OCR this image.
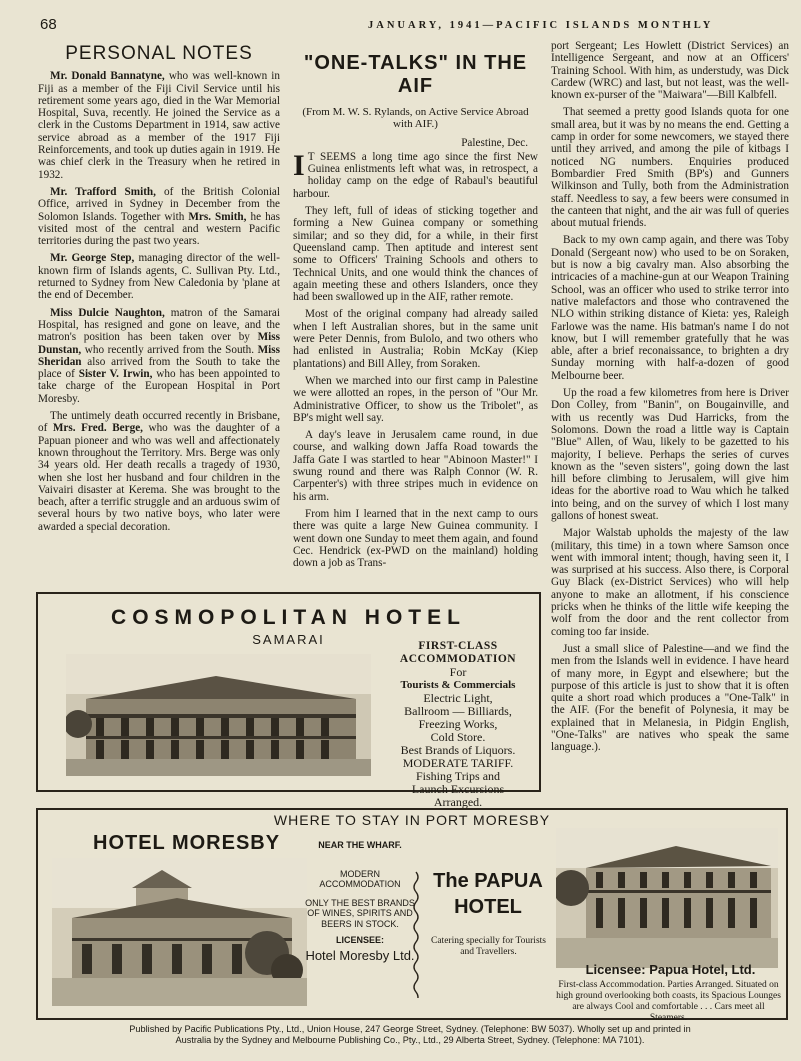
68	JANUARY, 1941—PACIFIC ISLANDS MONTHLY
PERSONAL NOTES

Mr. Donald Bannatyne, who was well-known in Fiji as a member of the Fiji Civil Service until his retirement some years ago, died in the War Memorial Hospital, Suva, recently. He joined the Service as a clerk in the Customs Department in 1914, saw active service abroad as a member of the 1917 Fiji Reinforcements, and took up duties again in 1919. He was chief clerk in the Treasury when he retired in 1932.

Mr. Trafford Smith, of the British Colonial Office, arrived in Sydney in December from the Solomon Islands. Together with Mrs. Smith, he has visited most of the central and western Pacific territories during the past two years.

Mr. George Step, managing director of the well-known firm of Islands agents, C. Sullivan Pty. Ltd., returned to Sydney from New Caledonia by 'plane at the end of December.

Miss Dulcie Naughton, matron of the Samarai Hospital, has resigned and gone on leave, and the matron's position has been taken over by Miss Dunstan, who recently arrived from the South. Miss Sheridan also arrived from the South to take the place of Sister V. Irwin, who has been appointed to take charge of the European Hospital in Port Moresby.

The untimely death occurred recently in Brisbane, of Mrs. Fred. Berge, who was the daughter of a Papuan pioneer and who was well and affectionately known throughout the Territory. Mrs. Berge was only 34 years old. Her death recalls a tragedy of 1930, when she lost her husband and four children in the Vaivairi disaster at Kerema. She was brought to the beach, after a terrific struggle and an arduous swim of several hours by two native boys, who later were awarded a special decoration.

"ONE-TALKS" IN THE AIF
(From M. W. S. Rylands, on Active Service Abroad with AIF.)
Palestine, Dec.

I T SEEMS a long time ago since the first New Guinea enlistments left what was, in retrospect, a holiday camp on the edge of Rabaul's beautiful harbour.

They left, full of ideas of sticking together and forming a New Guinea company or something similar; and so they did, for a while, in their first Queensland camp. Then aptitude and interest sent some to Officers' Training Schools and others to Technical Units, and one would think the chances of again meeting these and others Islanders, once they had been swallowed up in the AIF, rather remote.

Most of the original company had already sailed when I left Australian shores, but in the same unit were Peter Dennis, from Bulolo, and two others who had enlisted in Australia; Robin McKay (Kiep plantations) and Bill Alley, from Soraken.

When we marched into our first camp in Palestine we were allotted an ropes, in the person of "Our Mr. Administrative Officer, to show us the Tribolet", as BP's might well say.

A day's leave in Jerusalem came round, in due course, and walking down Jaffa Road towards the Jaffa Gate I was startled to hear "Abinoon Master!" I swung round and there was Ralph Connor (W. R. Carpenter's) with three stripes much in evidence on his arm.

From him I learned that in the next camp to ours there was quite a large New Guinea community. I went down one Sunday to meet them again, and found Cec. Hendrick (ex-PWD on the mainland) holding down a job as Trans-

port Sergeant; Les Howlett (District Services) an Intelligence Sergeant, and now at an Officers' Training School. With him, as understudy, was Dick Cardew (WRC) and last, but not least, was the well-known ex-purser of the "Maiwara"—Bill Kalbfell.

That seemed a pretty good Islands quota for one small area, but it was by no means the end. Getting a camp in order for some newcomers, we stayed there until they arrived, and among the pile of kitbags I noticed NG numbers. Enquiries produced Bombardier Fred Smith (BP's) and Gunners Wilkinson and Tully, both from the Administration staff. Needless to say, a few beers were consumed in the canteen that night, and the air was full of queries about mutual friends.

Back to my own camp again, and there was Toby Donald (Sergeant now) who used to be on Soraken, but is now a big cavalry man. Also absorbing the intricacies of a machine-gun at our Weapon Training School, was an officer who used to strike terror into native malefactors and those who contravened the NLO within striking distance of Kieta: yes, Raleigh Farlowe was the name. His batman's name I do not know, but I will remember gratefully that he was able, after a brief reconaissance, to brighten a dry Sunday morning with half-a-dozen of good Melbourne beer.

Up the road a few kilometres from here is Driver Don Colley, from "Banin", on Bougainville, and with us recently was Dud Harricks, from the Solomons. Down the road a little way is Captain "Blue" Allen, of Wau, likely to be gazetted to his majority, I believe. Perhaps the series of curves known as the "seven sisters", going down the last hill before climbing to Jerusalem, will give him ideas for the abortive road to Wau which he talked into being, and on the survey of which I lost many gallons of honest sweat.

Major Walstab upholds the majesty of the law (military, this time) in a town where Samson once went with immoral intent; though, having seen it, I was surprised at his success. Also there, is Corporal Guy Black (ex-District Services) who will help anyone to make an allotment, if his conscience pricks when he thinks of the little wife keeping the wolf from the door and the rent collector from coming too far inside.

Just a small slice of Palestine—and we find the men from the Islands well in evidence. I have heard of many more, in Egypt and elsewhere; but the purpose of this article is just to show that it is often quite a short road which produces a "One-Talk" in the AIF. (For the benefit of Polynesia, it may be explained that in Melanesia, in Pidgin English, "One-Talks" are natives who speak the same language.).

COSMOPOLITAN HOTEL
SAMARAI	FIRST-CLASS
ACCOMMODATION
For
Tourists & Commercials
Electric Light,
Ballroom — Billiards,
Freezing Works,
Cold Store.
Best Brands of Liquors.
MODERATE TARIFF.
Fishing Trips and
Launch Excursions
Arranged.
WHERE TO STAY IN PORT MORESBY
HOTEL MORESBY	NEAR THE WHARF.
MODERN ACCOMMODATION
ONLY THE BEST BRANDS OF WINES, SPIRITS AND BEERS IN STOCK.
LICENSEE:
Hotel Moresby Ltd.
The PAPUA
HOTEL
Catering specially for Tourists and Travellers.
Licensee: Papua Hotel, Ltd.
First-class Accommodation. Parties Arranged. Situated on high ground overlooking both coasts, its Spacious Lounges are always Cool and comfortable . . . Cars meet all Steamers.
Published by Pacific Publications Pty., Ltd., Union House, 247 George Street, Sydney. (Telephone: BW 5037). Wholly set up and printed in
Australia by the Sydney and Melbourne Publishing Co., Pty., Ltd., 29 Alberta Street, Sydney. (Telephone: MA 7101).
